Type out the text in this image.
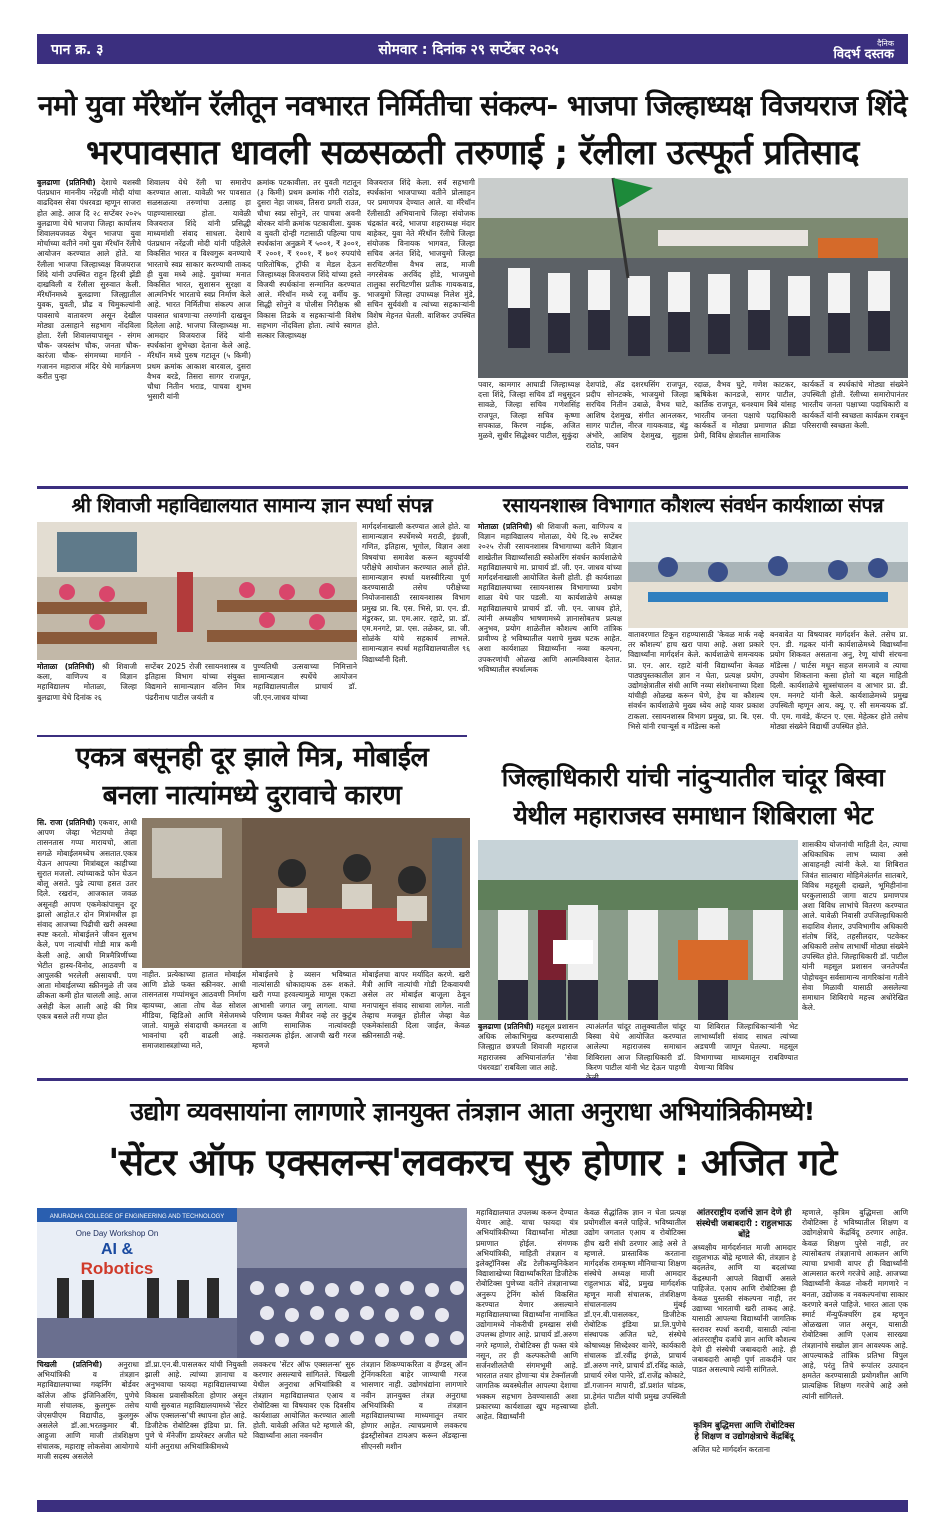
पान क्र. ३	सोमवार : दिनांक २९ सप्टेंबर २०२५	दैनिक
विदर्भ दस्तक
नमो युवा मॅरेथॉन रॅलीतून नवभारत निर्मितीचा संकल्प- भाजपा जिल्हाध्यक्ष विजयराज शिंदे
भरपावसात धावली सळसळती तरुणाई ; रॅलीला उत्स्फूर्त प्रतिसाद
बुलढाणा (प्रतिनिधी) देशाचे यशस्वी पंतप्रधान माननीय नरेंद्रजी मोदी यांचा वाढदिवस सेवा पंधरवडा म्हणून साजरा होत आहे. आज दि २८ सप्टेंबर २०२५ बुलढाणा येथे भाजपा जिल्हा कार्यालय शिवालयजवळ येथून भाजपा युवा मोर्चाच्या वतीने नमो युवा मॅरेथॉन रॅलीचे आयोजन करण्यात आले होते. या रॅलीला भाजपा जिल्हाध्यक्ष विजयराज शिंदे यांनी उपस्थित राहून हिरवी झेंडी दाखविली व रॅलीला सुरुवात केली. मॅरेथॉनमध्ये बुलढाणा जिल्ह्यातील युवक, युवती, प्रौढ व चिमुकल्यांनी पावसाचे वातावरण असून देखील मोठ्या उत्साहाने सहभाग नोंदविला होता. रॅली शिवालयापासून - संगम चौक- जयस्तंभ चौक, जनता चौक- कारंजा चौक- संगमच्या मार्गाने - गजानन महाराज मंदिर येथे मार्गक्रमण करीत पुन्हा
शिवालय येथे रॅली चा समारोप करण्यात आला. यावेळी भर पावसात सळसळत्या तरुणांचा उत्साह हा पाहण्यासारखा होता. यावेळी विजयराज शिंदे यांनी प्रसिद्धी माध्यमांशी संवाद साधला. देशाचे पंतप्रधान नरेंद्रजी मोदी यांनी पहिलेले विकसित भारत व विश्वगुरू बनण्याचे भारताचे स्वप्न साकार करण्याची ताकद ही युवा मध्ये आहे. युवांच्या मनात विकसित भारत, सुशासन सुरक्षा व आत्मनिर्भर भारताचे स्वप्न निर्माण केले आहे. भारत निर्मितीचा संकल्प आज पावसात धावणाऱ्या तरुणांनी दाखवून दिलेला आहे. भाजपा जिल्हाध्यक्ष मा. आमदार विजयराज शिंदे यांनी स्पर्धकांना शुभेच्छा देताना केले आहे. मॅरेथॉन मध्ये पुरुष गटातून (५ किमी) प्रथम क्रमांक आकाश बारवाल, दुसरा वैभव बरडे, तिसरा सागर राजपूत, चौथा नितीन भराड, पाचवा शुभम भुसारी यांनी
क्रमांक पटकावीला. तर युवती गटातून (३ किमी) प्रथम क्रमांक गौरी राठोड, दुसरा नेहा जाधव, तिसरा प्रगती राउत, चौथा स्वप्न सोनुने, तर पाचवा अवनी बोरकर यांनी क्रमांक पटकावीला. युवक व युवती दोन्ही गटासाठी पहिल्या पाच स्पर्धकांना अनुक्रमे ₹ ५००१, ₹ ३००१, ₹ २००१, ₹ १००१, ₹ ७०१ रुपयांचे पारितोषिक, ट्रॉफी व मेडल देऊन जिल्हाध्यक्ष विजयराज शिंदे यांच्या हस्ते विजयी स्पर्धकांना सन्मानित करण्यात आले. मॅरेथॉन मध्ये रजू वर्मीय कु. सिद्धी सोनुने व पोलीस निरीक्षक श्री विकास तिडके व सहकाऱ्यांनी विशेष सहभाग नोंदविला होता. त्यांचे स्वागत सत्कार जिल्हाध्यक्ष
विजयराज शिंदे केला. सर्व सहभागी स्पर्धकांना भाजपाच्या वतीने प्रोत्साहन पर प्रमाणपत्र देण्यात आले. या मॅरेथॉन रॅलीसाठी अभियानाचे जिल्हा संयोजक चंद्रकांत बरदे, भाजपा शहराध्यक्ष मंदार बाहेकर, युवा नेते मॅरेथॉन रॅलीचे जिल्हा संयोजक विनायक भागवत, जिल्हा सचिव अनंत शिंदे, भाजयुमो जिल्हा सरचिटणीस वैभव लाड, माजी नगरसेवक अरविंद होंडे, भाजयुमो तालुका सरचिटणीस प्रतीक गायकवाड, भाजयुमो जिल्हा उपाध्यक्ष निलेश मुंडे, सचिन सुर्यवंशी व त्यांच्या सहकाऱ्यांनी विशेष मेहनत घेतली. वाशिकर उपस्थित होते.
पवार, कामगार आघाडी जिल्हाध्यक्ष दत्ता शिंदे, जिल्हा सचिव डॉ मधुसूदन सावळे, जिल्हा सचिव गणेशसिंह राजपूत, जिल्हा सचिव कृष्णा सपकाळ, किरण नाईक, अजित मुळवे, सुधीर सिद्धेश्वर पाटील, सुकुंदा
देशपांडे, ॲड दशरथसिंग राजपूत, प्रदीप सोनटक्के, भाजयुमो जिल्हा सरचिव नितीन उबाळे, वैभव घाटे, आशिष देशमुख, संगीत आनलकर, सागर पाटील, नीरज गायकवाड, बंडु अंभोरे, आशिष देशमुख, सुहास राठोड, पवन
रदाळ, वैभव घुटे, गणेश काटकर, ऋषिकेश कानडजे, सागर पाटील, कार्तिक राजपूत, धनश्याम बिबे यांसह भारतीय जनता पक्षाचे पदाधिकारी कार्यकर्ते व मोठ्या प्रमाणात क्रीडा प्रेमी, विविध क्षेत्रातील सामाजिक
कार्यकर्ते व स्पर्धकांचे मोठ्या संख्येने उपस्थिती होती. रॅलीच्या समारोपानंतर भारतीय जनता पक्षाच्या पदाधिकारी व कार्यकर्ते यांनी स्वच्छता कार्यक्रम राबवून परिसराची स्वच्छता केली.
श्री शिवाजी महाविद्यालयात सामान्य ज्ञान स्पर्धा संपन्न
मोताळा (प्रतिनिधी) श्री शिवाजी कला, वाणिज्य व विज्ञान महाविद्यालय मोताळा, जिल्हा बुलढाणा येथे दिनांक २६
सप्टेंबर 2025 रोजी रसायनशास्त्र व इतिहास विभाग यांच्या संयुक्त विद्यमाने सामान्यज्ञान वलिन मित्र पंढरीनाथ पाटील जयंती व
पुण्यतिथी उत्सवाच्या निमित्ताने सामान्यज्ञान स्पर्धेचे आयोजन महाविद्यालयातील प्राचार्य डॉ. जी.एन.जाधव यांच्या
मार्गदर्शनाखाली करण्यात आले होते. या सामान्यज्ञान स्पर्धेमध्ये मराठी, इंग्रजी, गणित, इतिहास, भूगोल, विज्ञान अशा विषयांचा समावेश करून बहुपर्यायी परीक्षेचे आयोजन करण्यात आले होते. सामान्यज्ञान स्पर्धा यशस्वीरित्या पूर्ण करण्यासाठी तसेच परीक्षेच्या नियोजनासाठी रसायनशास्त्र विभाग प्रमुख प्रा. बि. एस. भिसे, प्रा. एन. डी. मंडुरकर, प्रा. एम.आर. रहाटे, प्रा. डॉ. एम.मनगटे, प्रा. एस. तळेकर, प्रा. जी. सोळंके यांचे सहकार्य लाभले. सामान्यज्ञान स्पर्धा महाविद्यालयातील ९६ विद्यार्थ्यांनी दिली.
रसायनशास्त्र विभागात कौशल्य संवर्धन कार्यशाळा संपन्न
मोताळा (प्रतिनिधी) श्री शिवाजी कला, वाणिज्य व विज्ञान महाविद्यालय मोताळा, येथे दि.२७ सप्टेंबर २०२५ रोजी रसायनशास्त्र विभागाच्या वतीने विज्ञान शाखेतील विद्यार्थ्यांसाठी स्कोअरिंग संवर्धन कार्यशाळेचे महाविद्यालयाचे मा. प्राचार्य डॉ. जी. एन. जाधव यांच्या मार्गदर्शनाखाली आयोजित केली होती. ही कार्यशाळा महाविद्यालयाच्या रसायनशास्त्र विभागाच्या प्रयोग शाळा येथे पार पडली. या कार्यशाळेचे अध्यक्ष महाविद्यालयाचे प्राचार्य डॉ. जी. एन. जाधव होते, त्यांनी अध्यक्षीय भाषणामध्ये ज्ञानासोबतच प्रत्यक्ष अनुभव, प्रयोग शाळेतील कौशल्य आणि तांत्रिक प्रावीण्य हे भविष्यातील यशाचे मुख्य घटक आहेत. अशा कार्यशाळा विद्यार्थ्यांना नव्या कल्पना, उपकरणांची ओळख आणि आत्मविश्वास देतात. भविष्यातील स्पर्धात्मक
वातावरणात टिकून राहण्यासाठी 'केवळ मार्क नव्हे तर कौशल्य' हाच खरा पाया आहे. अशा प्रकारे विद्यार्थ्यांना मार्गदर्शन केले. कार्यशाळेचे समन्वयक प्रा. एन. आर. रहाटे यांनी विद्यार्थ्यांना केवळ पाठ्यपुस्तकातील ज्ञान न घेता, प्रत्यक्ष प्रयोग, उद्योगक्षेत्रातील संधी आणि नव्या संशोधनाच्या दिशा यांचीही ओळख करून घेणे, हेच या कौशल्य संवर्धन कार्यशाळेचे मुख्य ध्येय आहे यावर प्रकाश टाकला. रसायनशास्त्र विभाग प्रमुख, प्रा. बि. एस. भिसे यांनी रचाऱ्यूर्स व मॉडेल्स कसे
बनवावेत या विषयावर मार्गदर्शन केले. तसेच प्रा. एन. डी. गद्रकर यांनी कार्यशाळेमध्ये विद्यार्थ्यांना प्रयोग शिकवत असताना अनु, रेणू यांची संरचना मॉडेल्स / चार्टस मधून सहज समजावे व त्याचा उपयोग शिकताना कसा होतो या बद्दल माहिती दिली. कार्यशाळेचे सूत्रसंचालन व आभार प्रा. डी. एम. मनगटे यांनी केले. कार्यशाळेमध्ये प्रमुख उपस्थिती म्हणून आय. क्यू. ए. सी समन्वयक डॉ. पी. एम. गावंडे, कॅप्टन ए. एस. मेहेत्कर होते तसेच मोठ्या संख्येने विद्यार्थी उपस्थित होते.
एकत्र बसूनही दूर झाले मित्र, मोबाईल
बनला नात्यांमध्ये दुरावाचे कारण
सि. राजा (प्रतिनिधी) एकवार, आधी आपण जेव्हा भेटायचो तेव्हा तासनतास गप्पा मारायचो, आता सगळे मोबाईलमध्येच असतात.एकत्र येऊन आपल्या मित्रांबद्दल काहीच्या सुरात मजलो. त्यांच्याकडे फोन घेऊन बोलू असते. पुढे त्याचा हसत उतर दिले. रखरांन, आजकाल जवळ असूनही आपण एकमेकांपासून दूर झालो आहोत.र दोन मित्रांमधील हा संवाद आजच्या पिढीची खरी अवस्था स्पष्ट करतो. मोबाईलने जीवन सुलभ केले, पण नात्यांची गोडी मात्र कमी केली आहे. आधी मित्रमैत्रिणींच्या भेटीत हास्य-विनोद, आठवणी व आपुलकी भरलेली असायची. पण आता मोबाईलच्या स्क्रीनमुळे ती जव ळीकता कमी होत चालली आहे. आज असेही केल आली आहे की मित्र एकत्र बसले तरी गप्पा होत
नाहीत. प्रत्येकाच्या हातात मोबाईल आणि डोळे फक्त स्क्रीनवर. आधी तासनतास गप्पांमधून आठवणी निर्माण व्हायच्या, आता तोच वेळ सोशल मीडिया, व्हिडिओ आणि मेसेजमध्ये जातो. यामुळे संवादाची कमतरता व भावनांचा दरी वाढली आहे. समाजशास्त्रज्ञांच्या मते,
मोबाईलचे हे व्यसन भविष्यात नात्यांसाठी धोकादायक ठरू शकते. खरी गप्पा हरवल्यामुळे माणूस एकटा आभासी जगात जगू लागला. याचा परिणाम फक्त मैत्रीवर नव्हे तर कुटुंब आणि सामाजिक नात्यांवरही नकारात्मक होईल. आजची खरी गरज म्हणजे
मोबाईलचा वापर मर्यादित करणे. खरी मैत्री आणि नात्यांची गोडी टिकवायची असेल तर मोबाईल बाजूला ठेवून मनापासून संवाद साधावा लागेल. नाती तेव्हाच मजबूत होतील जेव्हा वेळ एकमेकांसाठी दिला जाईल, केवळ स्क्रीनसाठी नव्हे.
जिल्हाधिकारी यांची नांदुऱ्यातील चांदूर बिस्वा
येथील महाराजस्व समाधान शिबिराला भेट
शासकीय योजनांची माहिती देत, त्याचा अधिकाधिक लाभ घ्यावा असे आवाहनही त्यांनी केले. या शिबिरात जिवंत सातबारा मोहिमेअंतर्गत सातबारे, विविध महसूली दाखले, भूमिहीनांना घरकुलासाठी जागा वाटप प्रमाणपत्र अशा विविध लाभांचे वितरण करण्यात आले. यावेळी निवासी उपजिल्हाधिकारी सदाशिव शेलार, उपविभागीय अधिकारी संतोष शिंदे, तहसीलदार, पटवेकर अधिकारी तसेच लाभार्थी मोठ्या संख्येने उपस्थित होते. जिल्हाधिकारी डॉ. पाटील यांनी महसूल प्रशासन जनतेपर्यंत पोहोचवून सर्वसामान्य नागरिकांना गतीने सेवा मिळावी यासाठी असलेल्या समाधान शिबिराचे महत्त्व अधोरेखित केले.
बुलढाणा (प्रतिनिधी) महसूल प्रशासन अधिक लोकाभिमुख करण्यासाठी जिल्ह्यात छत्रपती शिवाजी महाराज महाराजस्व अभियानांतर्गत 'सेवा पंधरवडा' राबविला जात आहे.
त्याअंतर्गत चांदूर तालुक्यातील चांदूर बिस्वा येथे आयोजित करण्यात आलेल्या महाराजस्व समाधान शिबिराला आज जिल्हाधिकारी डॉ. किरण पाटील यांनी भेट देऊन पाहणी
या शिबिरात जिल्हाधिकाऱ्यांनी भेट लाभार्थ्यांशी संवाद साधत त्यांच्या अडचणी जाणून घेतल्या. महसूल विभागाच्या माध्यमातून राबविण्यात येणाऱ्या विविध
उद्योग व्यवसायांना लागणारे ज्ञानयुक्त तंत्रज्ञान आता अनुराधा अभियांत्रिकीमध्ये!
'सेंटर ऑफ एक्सलन्स'लवकरच सुरु होणार : अजित गटे
ANURADHA COLLEGE OF ENGINEERING AND TECHNOLOGY
One Day Workshop On
AI &
Robotics
चिखली (प्रतिनिधी) अनुराधा अभियांत्रिकी व तंत्रज्ञान महाविद्यालयाच्या गव्हर्निंग बोर्डवर कॉलेज ऑफ इंजिनिअरिंग, पुणेचे माजी संचालक, कुलगुरू तसेच जेएसपीएम विद्यापीठ, कुलगुरू असलेले डॉ.आ.भरतकुमार बी. आहुजा आणि माजी तंत्रशिक्षण संचालक, महाराष्ट्र लोकसेवा आयोगाचे माजी सदस्य असलेले
डॉ.प्रा.एन.बी.पासलकर यांची नियुक्ती झाली आहे. त्यांच्या ज्ञानाचा व अनुभवाचा फायदा महाविद्यालयाच्या विकास प्रवासीकरिता होणार असून याची सुरुवात महाविद्यालयामध्ये 'सेंटर ऑफ एक्सलन्स'ची स्थापना होत आहे. डिजीटेक रोबोटिक्स इंडिया प्रा. लि. पुणे चे मॅनेजींग डायरेक्टर अजीत घटे यांनी अनुराधा अभियांत्रिकीमध्ये
लवकरच 'सेंटर ऑफ एक्सलन्स' सुरु करणार असल्याचे सांगितले. चिखली येथील अनुराधा अभियांत्रिकी व तंत्रज्ञान महाविद्यालयात एआय व रोबोटिक्स या विषयावर एक दिवसीय कार्यशाळा आयोजित करण्यात आली होती. यावेळी अजित घटे म्हणाले की, विद्यार्थ्यांना आता नवनवीन
तंत्रज्ञान शिकण्याकरिता व हँण्डस् ऑन ट्रेनिंगकरिता बाहेर जाण्याची गरज भासणार नाही. उद्योगधंद्यांना लागणारे नवीन ज्ञानयुक्त तंत्रज्ञ अनुराधा अभियांत्रिकी व तंत्रज्ञान महाविद्यालयाच्या माध्यमातून तयार होणार आहेत. त्याचप्रमाणे लवकरच इंडस्ट्रीसोबत टायअप करून ॲडव्हान्स सीएनसी मशीन
महाविद्यालयात उपलब्ध करून देण्यात येणार आहे. याचा फायदा यंत्र अभियांत्रिकीच्या विद्यार्थ्यांना मोठ्या प्रमाणात होईल. संगणक अभियांत्रिकी, माहिती तंत्रज्ञान व इलेक्ट्रॉनिक्स अँड टेलीकम्युनिकेशन विद्याशाखेच्या विद्यार्थ्यांकरिता डिजीटेक रोबोटिक्स पुणेच्या वतीने तंत्रज्ञानाच्या अनुरूप ट्रेनिंग कोर्स विकसित करण्यात येणार असल्याने महाविद्यालयाच्या विद्यार्थ्यांना नामांकित उद्योगामध्ये नोकरीची हमखास संधी उपलब्ध होणार आहे. प्राचार्य डॉ.अरुण नगरे म्हणाले, रोबोटिक्स ही फक्त यंत्रे नसून, तर ही कल्पकतेची आणि सर्जनशीलतेची संगमभूमी आहे. भारतात तयार होणाऱ्या यंत्र टेक्नॉलजी जागतिक व्यवस्थेतील आपल्या देशाचा भक्कम सहभाग ठेवण्यासाठी अशा प्रकारच्या कार्यशाळा खूप महत्त्वाच्या आहेत. विद्यार्थ्यांनी
केवळ सैद्धांतिक ज्ञान न घेता प्रत्यक्ष प्रयोगशील बनले पाहिजे. भविष्यातील उद्योग जगतात एआय व रोबोटिक्स हीच खरी संधी ठरणार आहे असे ते म्हणाले. प्रास्ताविक करताना मार्गदर्शक रामकृष्ण मौनिचाऱ्या शिक्षण संस्थेचे अध्यक्ष माजी आमदार राहुलभाऊ बोंद्रे, प्रमुख मार्गदर्शक म्हणून माजी संचालक, तंत्रशिक्षण संचालनालय मुंबई डॉ.एन.बी.पासलकर, डिजीटेक रोबोटिक इंडिया प्रा.लि.पुणेचे संस्थापक अजित घटे, संस्थेचे कोषाध्यक्ष सिध्देश्वर वानेरे, कार्यकारी संचालक डॉ.रवींद्र इंगळे, प्राचार्य डॉ.अरुण नगरे, प्राचार्य डॉ.रविंद्र काळे, प्राचार्य रमेश पानेरे, डॉ.राजेंद्र कोकाटे, डॉ.गजानन मापारी, डॉ.प्रशांत चांडक, प्रा.हेमंत पाटील यांची प्रमुख उपस्थिती होती.
आंतरराष्ट्रीय दर्जाचे ज्ञान देणे ही संस्थेची जबाबदारी : राहुलभाऊ बोंद्रे
अध्यक्षीय मार्गदर्शनात माजी आमदार राहुलभाऊ बोंद्रे म्हणाले की, तंत्रज्ञान हे बदलतेय, आणि या बदलांच्या केंद्रस्थानी आपले विद्यार्थी असले पाहिजेत. एआय आणि रोबोटिक्स ही केवळ पुस्तकी संकल्पना नाही, तर उद्याच्या भारताची खरी ताकद आहे. यासाठी आपल्या विद्यार्थ्यांनी जागतिक स्तरावर स्पर्धा करावी, यासाठी त्यांना आंतरराष्ट्रीय दर्जाचे ज्ञान आणि कौशल्य देणे ही संस्थेची जबाबदारी आहे. ही जबाबदारी आम्ही पूर्ण ताकदीने पार पाडत असल्याचे त्यांनी सांगितले.
कृत्रिम बुद्धिमत्ता आणि रोबोटिक्स हे शिक्षण व उद्योगक्षेत्राचे केंद्रबिंदू
अजित घटे मार्गदर्शन करताना
म्हणाले, कृत्रिम बुद्धिमत्ता आणि रोबोटिक्स हे भविष्यातील शिक्षण व उद्योगक्षेत्राचे केंद्रबिंदू ठरणार आहेत. केवळ शिक्षण पुरेसे नाही, तर त्यासोबतच तंत्रज्ञानाचे आकलन आणि त्याचा प्रभावी वापर ही विद्यार्थ्यांनी आत्मसात करणे गरजेचे आहे. आजच्या विद्यार्थ्यांनी केवळ नोकरी मागणारे न बनता, उद्योजक व नवकल्पनांचा साकार करणारे बनले पाहिजे. भारत आता एक स्मार्ट मॅन्युफॅक्चरिंग हब म्हणून ओळखला जात असून, यासाठी रोबोटिक्स आणि एआय सारख्या तंत्रज्ञानांचे सखोल ज्ञान आवश्यक आहे. आपल्याकडे तांत्रिक प्रतिभा विपुल आहे, परंतु तिचे रूपांतर उत्पादन क्षमतेत करण्यासाठी प्रयोगशील आणि प्रात्यक्षिक शिक्षण गरजेचे आहे असे त्यांनी सांगितले.
